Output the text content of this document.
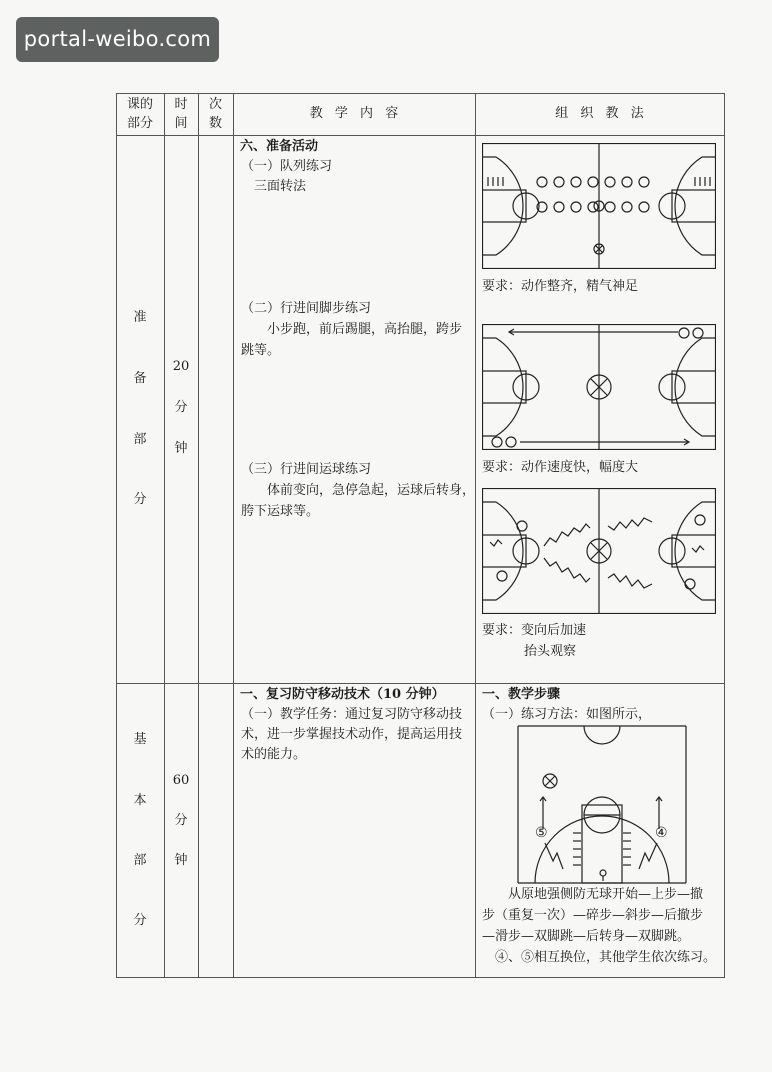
portal-weibo.com
课的
部分
时
间
次
数
教 学 内 容	组 织 教 法
准
备
部
分
20
分
钟
六、准备活动
（一）队列练习
三面转法
（二）行进间脚步练习
小步跑，前后踢腿，高抬腿，跨步
跳等。
（三）行进间运球练习
体前变向，急停急起，运球后转身，
胯下运球等。
要求：动作整齐，精气神足
要求：动作速度快，幅度大
要求：变向后加速
抬头观察
基
本
部
分
60
分
钟
一、复习防守移动技术（10 分钟）
（一）教学任务：通过复习防守移动技
术，进一步掌握技术动作，提高运用技
术的能力。
一、教学步骤
（一）练习方法：如图所示，
⑤	④
从原地强侧防无球开始—上步—撤
步（重复一次）—碎步—斜步—后撤步
—滑步—双脚跳—后转身—双脚跳。
④、⑤相互换位，其他学生依次练习。
